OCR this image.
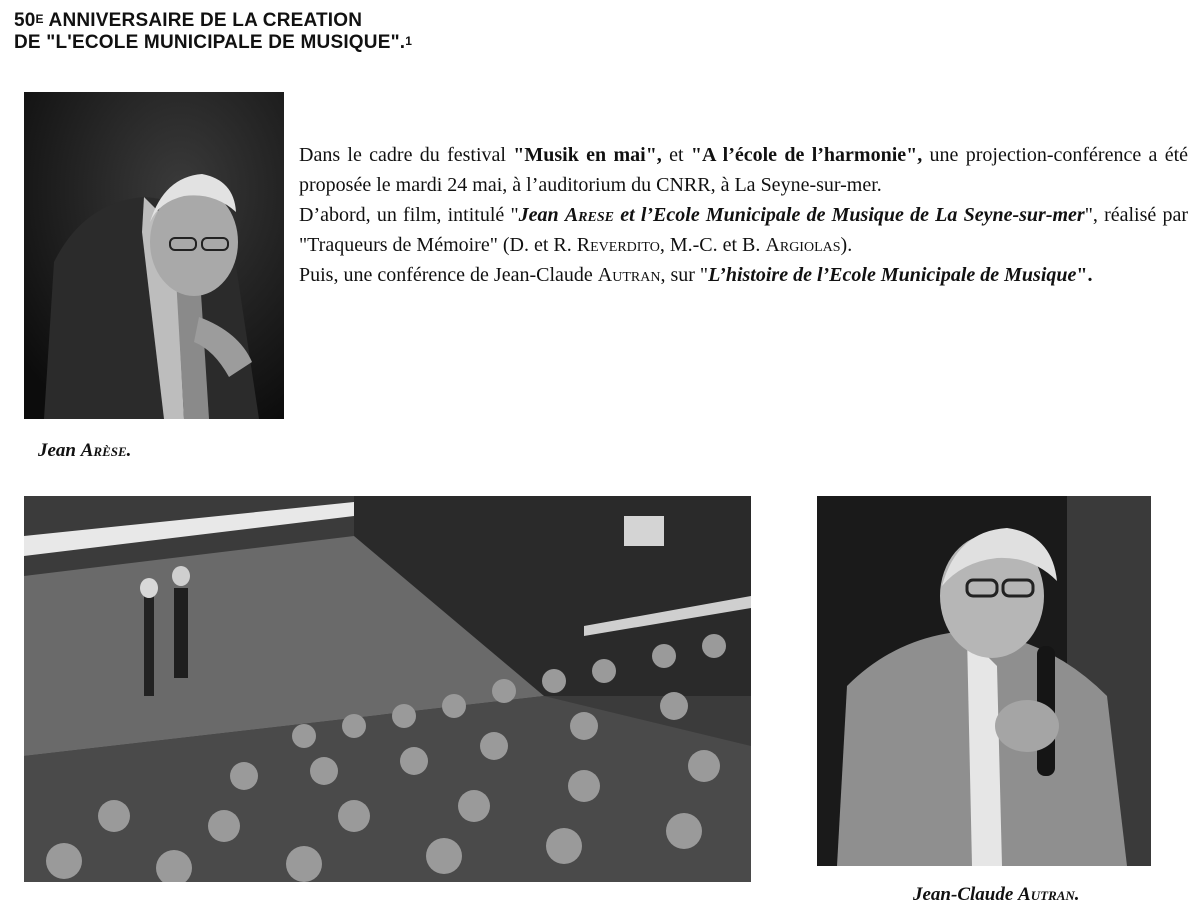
50$^E$ ANNIVERSAIRE DE LA CREATION
DE "L'ECOLE MUNICIPALE DE MUSIQUE".$^1$

Dans le cadre du festival "Musik en mai", et "A l’école de l’harmonie", une projection-conférence a été proposée le mardi 24 mai, à l’auditorium du CNRR, à La Seyne-sur-mer.

D’abord, un film, intitulé "Jean Arese et l’Ecole Municipale de Musique de La Seyne-sur-mer", réalisé par "Traqueurs de Mémoire" (D. et R. Reverdito, M.-C. et B. Argiolas).

Puis, une conférence de Jean-Claude Autran, sur "L’histoire de l’Ecole Municipale de Musique".

Jean Arèse.
Jean-Claude Autran.
